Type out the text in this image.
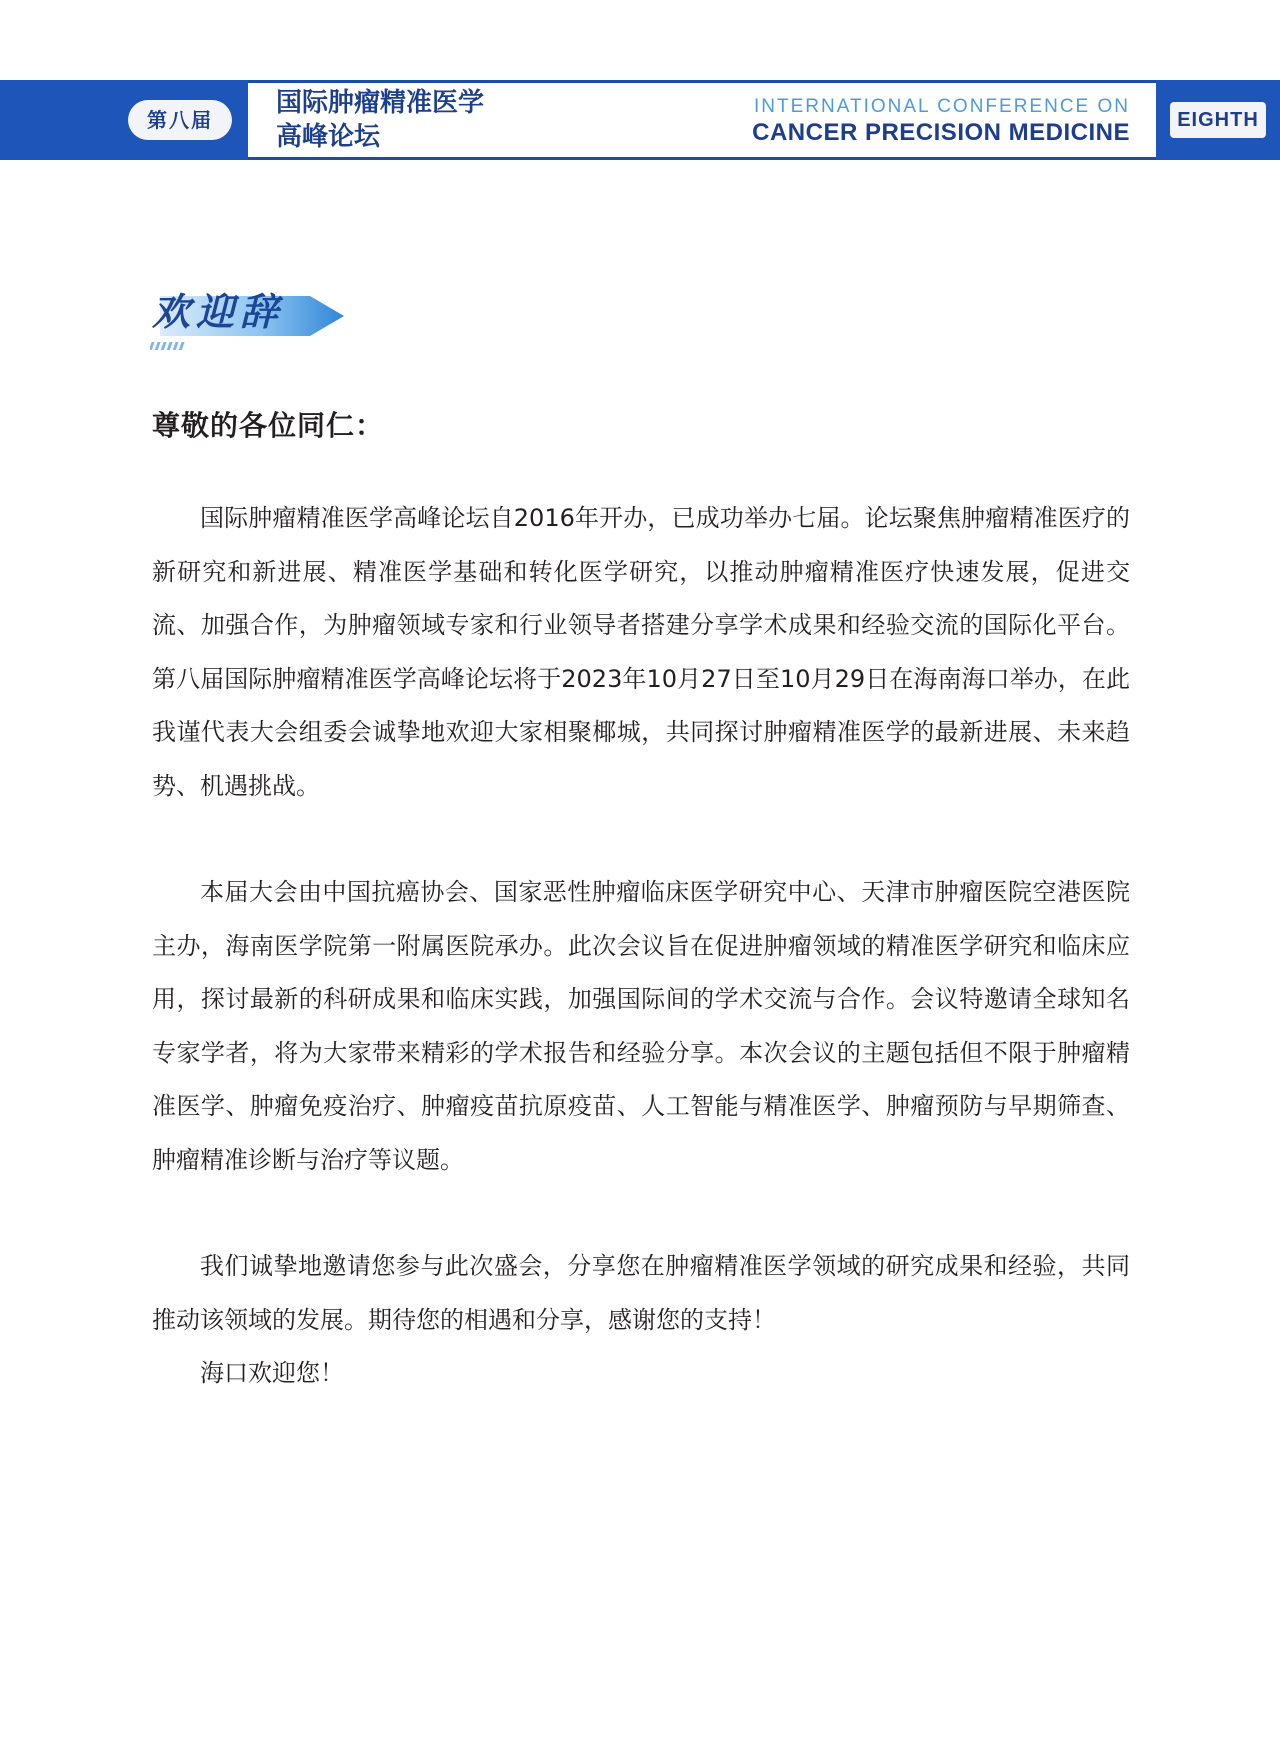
第八届
国际肿瘤精准医学
高峰论坛
INTERNATIONAL CONFERENCE ON
CANCER PRECISION MEDICINE	EIGHTH
欢迎辞
尊敬的各位同仁：

国际肿瘤精准医学高峰论坛自2016年开办，已成功举办七届。论坛聚焦肿瘤精准医疗的新研究和新进展、精准医学基础和转化医学研究，以推动肿瘤精准医疗快速发展，促进交流、加强合作，为肿瘤领域专家和行业领导者搭建分享学术成果和经验交流的国际化平台。第八届国际肿瘤精准医学高峰论坛将于2023年10月27日至10月29日在海南海口举办，在此我谨代表大会组委会诚挚地欢迎大家相聚椰城，共同探讨肿瘤精准医学的最新进展、未来趋势、机遇挑战。

本届大会由中国抗癌协会、国家恶性肿瘤临床医学研究中心、天津市肿瘤医院空港医院主办，海南医学院第一附属医院承办。此次会议旨在促进肿瘤领域的精准医学研究和临床应用，探讨最新的科研成果和临床实践，加强国际间的学术交流与合作。会议特邀请全球知名专家学者，将为大家带来精彩的学术报告和经验分享。本次会议的主题包括但不限于肿瘤精准医学、肿瘤免疫治疗、肿瘤疫苗抗原疫苗、人工智能与精准医学、肿瘤预防与早期筛查、肿瘤精准诊断与治疗等议题。

我们诚挚地邀请您参与此次盛会，分享您在肿瘤精准医学领域的研究成果和经验，共同推动该领域的发展。期待您的相遇和分享，感谢您的支持！

海口欢迎您！
